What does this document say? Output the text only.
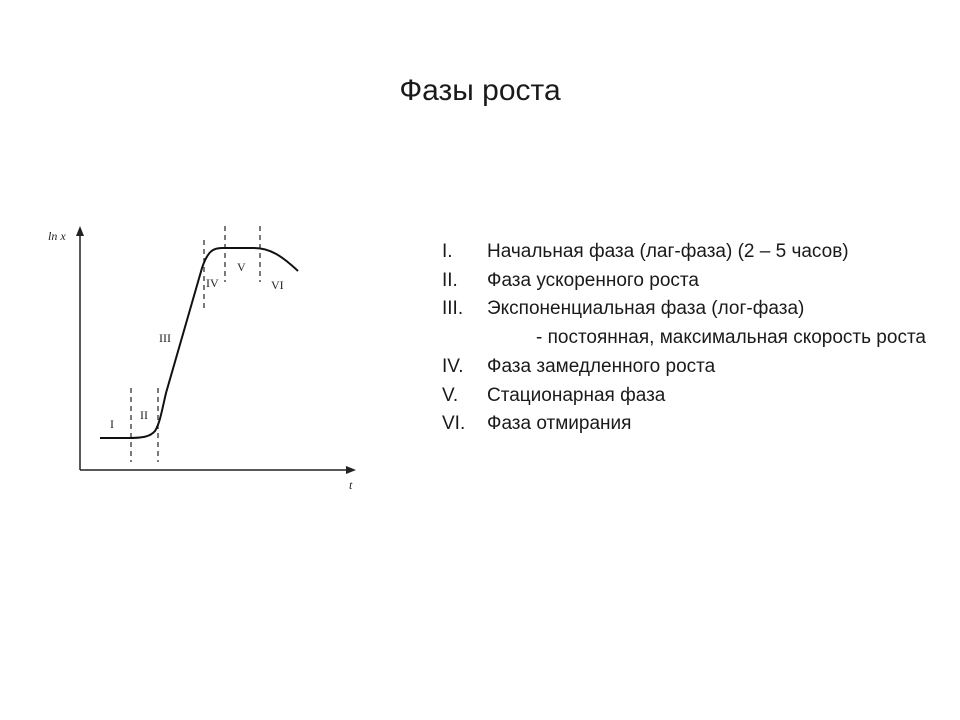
Фазы роста
ln x
t
I
II
III
IV
V
VI
I.	Начальная фаза (лаг-фаза) (2 – 5 часов)
II.	Фаза ускоренного роста
III.	Экспоненциальная фаза (лог-фаза)
- постоянная, максимальная скорость роста
IV.	Фаза замедленного роста
V.	Стационарная фаза
VI.	Фаза отмирания
